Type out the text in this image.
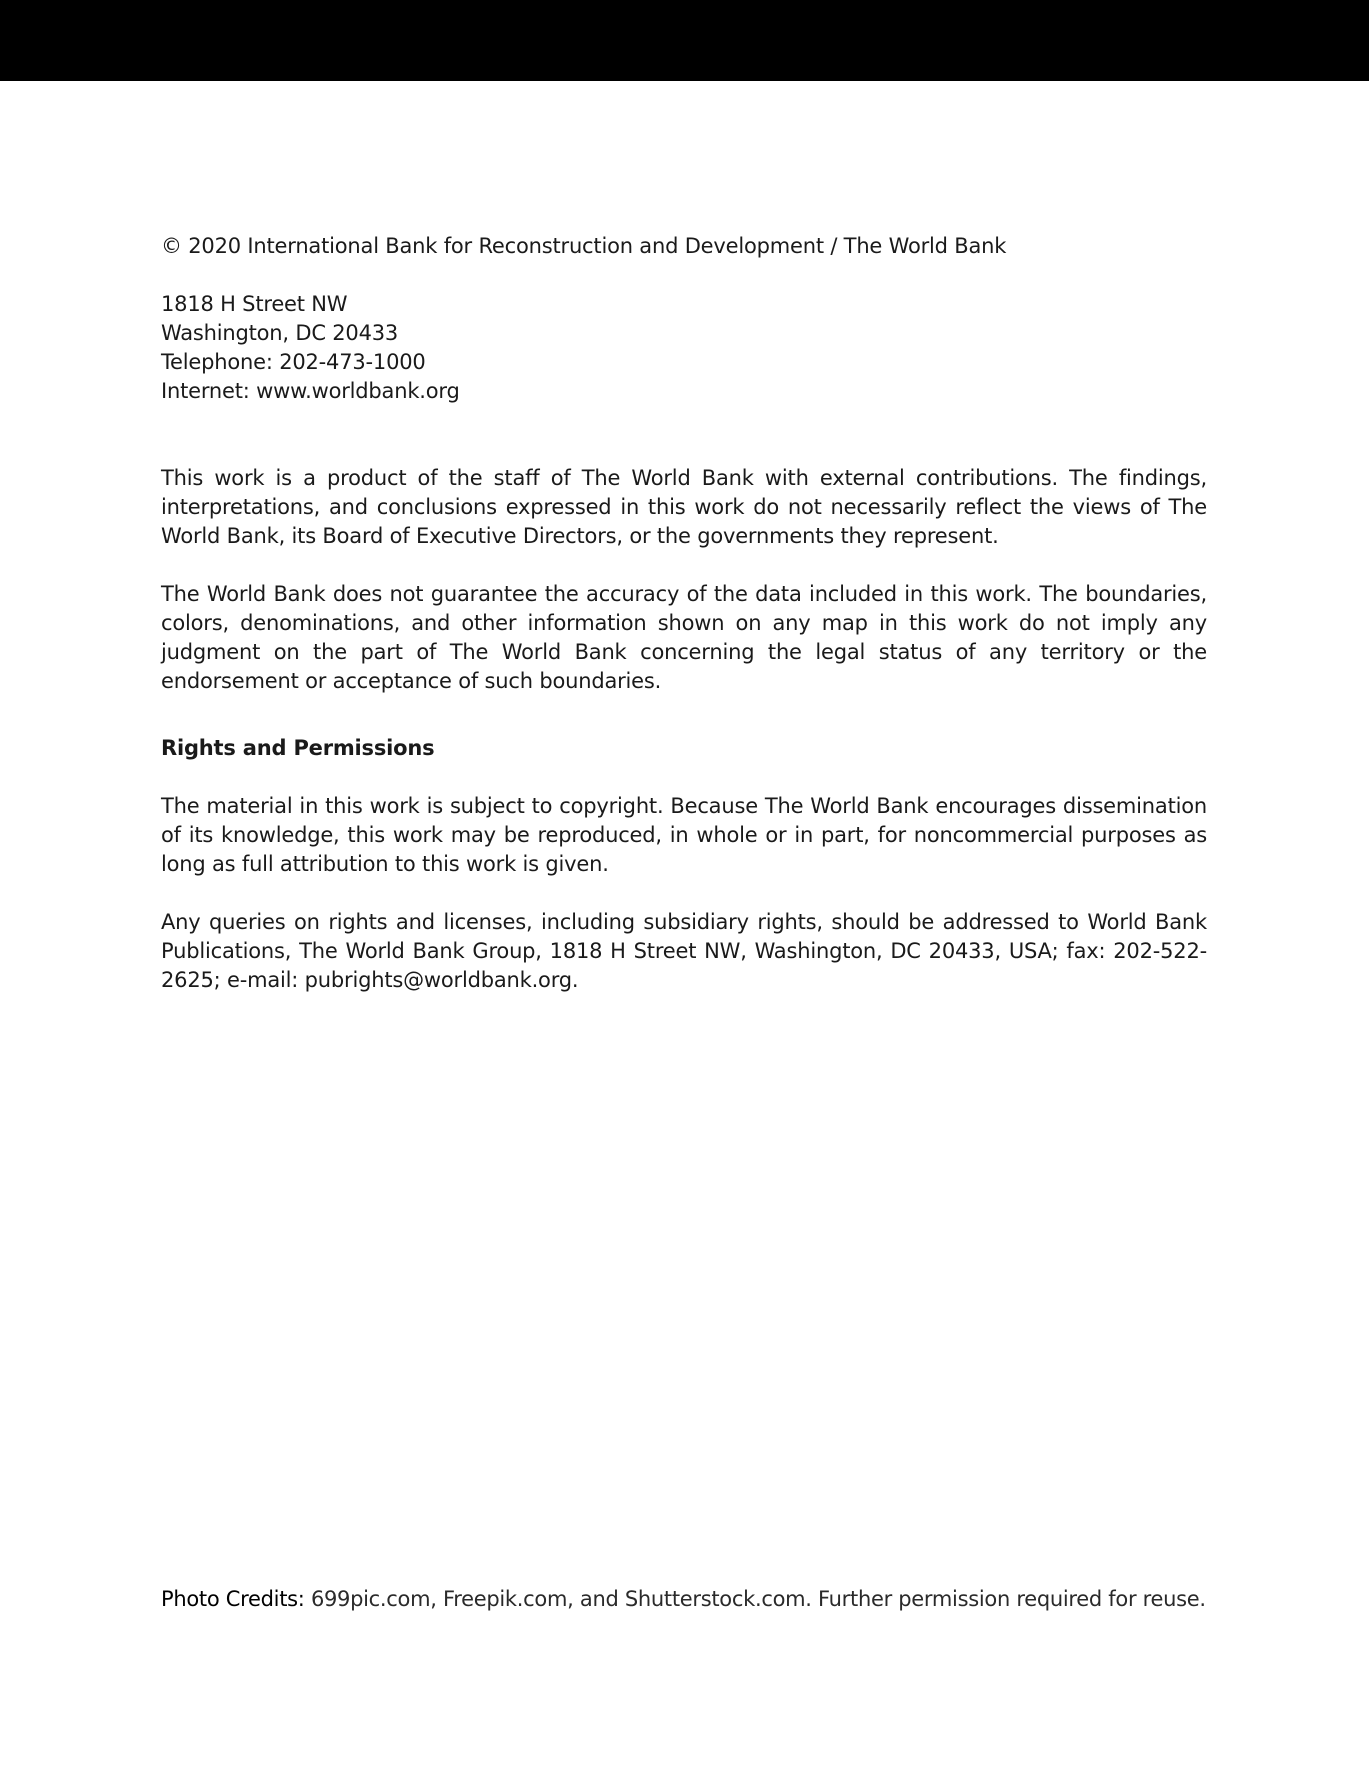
© 2020 International Bank for Reconstruction and Development / The World Bank

1818 H Street NW
Washington, DC 20433
Telephone: 202-473-1000
Internet: www.worldbank.org

This work is a product of the staff of The World Bank with external contributions. The findings, interpretations, and conclusions expressed in this work do not necessarily reflect the views of The World Bank, its Board of Executive Directors, or the governments they represent.

The World Bank does not guarantee the accuracy of the data included in this work. The boundaries, colors, denominations, and other information shown on any map in this work do not imply any judgment on the part of The World Bank concerning the legal status of any territory or the endorsement or acceptance of such boundaries.

Rights and Permissions

The material in this work is subject to copyright. Because The World Bank encourages dissemination of its knowledge, this work may be reproduced, in whole or in part, for noncommercial purposes as long as full attribution to this work is given.

Any queries on rights and licenses, including subsidiary rights, should be addressed to World Bank Publications, The World Bank Group, 1818 H Street NW, Washington, DC 20433, USA; fax: 202-522-2625; e-mail: pubrights@worldbank.org.

Photo Credits: 699pic.com, Freepik.com, and Shutterstock.com. Further permission required for reuse.
